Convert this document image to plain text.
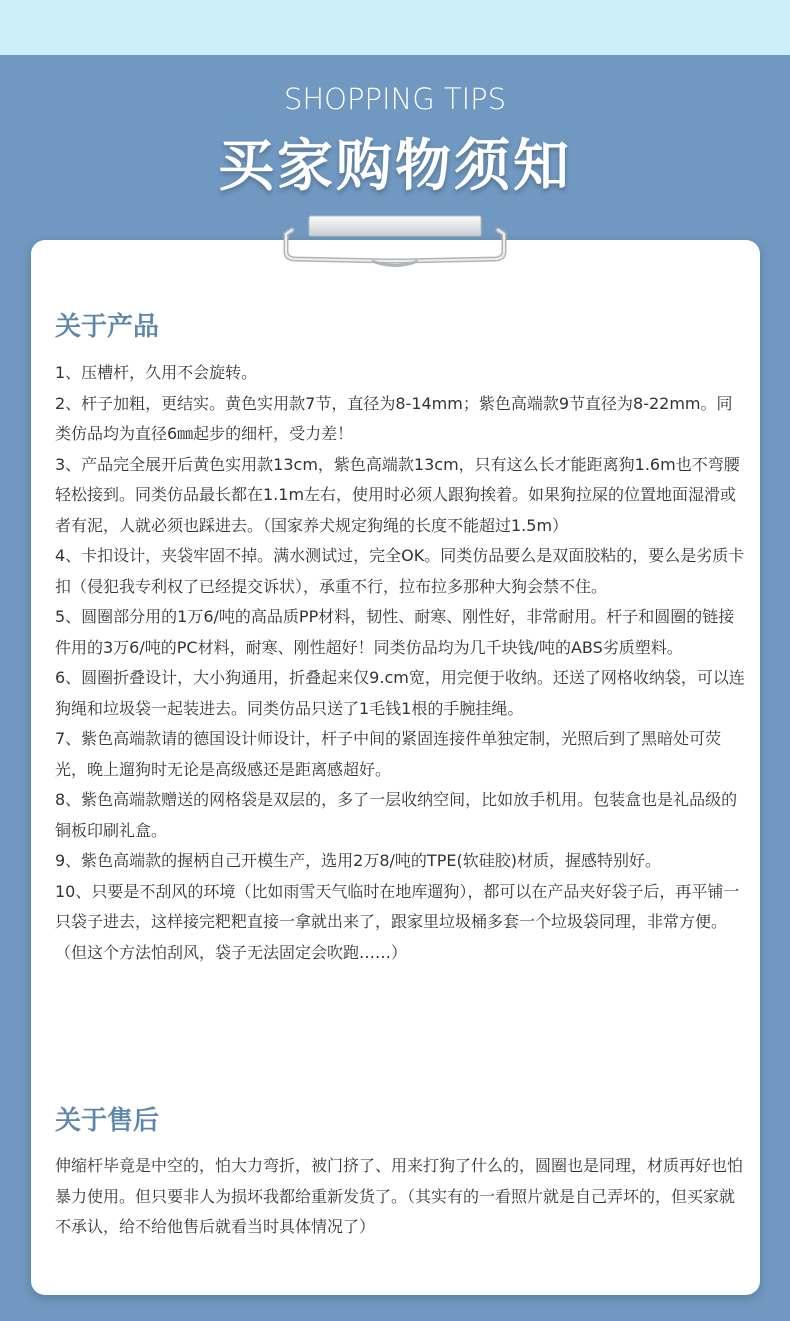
SHOPPING TIPS
买家购物须知
关于产品

1、压槽杆，久用不会旋转。

2、杆子加粗，更结实。黄色实用款7节，直径为8-14mm；紫色高端款9节直径为8-22mm。同类仿品均为直径6㎜起步的细杆，受力差！

3、产品完全展开后黄色实用款13cm，紫色高端款13cm，只有这么长才能距离狗1.6m也不弯腰轻松接到。同类仿品最长都在1.1m左右，使用时必须人跟狗挨着。如果狗拉屎的位置地面湿滑或者有泥，人就必须也踩进去。（国家养犬规定狗绳的长度不能超过1.5m）

4、卡扣设计，夹袋牢固不掉。满水测试过，完全OK。同类仿品要么是双面胶粘的，要么是劣质卡扣（侵犯我专利权了已经提交诉状），承重不行，拉布拉多那种大狗会禁不住。

5、圆圈部分用的1万6/吨的高品质PP材料，韧性、耐寒、刚性好，非常耐用。杆子和圆圈的链接件用的3万6/吨的PC材料，耐寒、刚性超好！同类仿品均为几千块钱/吨的ABS劣质塑料。

6、圆圈折叠设计，大小狗通用，折叠起来仅9.cm宽，用完便于收纳。还送了网格收纳袋，可以连狗绳和垃圾袋一起装进去。同类仿品只送了1毛钱1根的手腕挂绳。

7、紫色高端款请的德国设计师设计，杆子中间的紧固连接件单独定制，光照后到了黑暗处可荧光，晚上遛狗时无论是高级感还是距离感超好。

8、紫色高端款赠送的网格袋是双层的，多了一层收纳空间，比如放手机用。包装盒也是礼品级的铜板印刷礼盒。

9、紫色高端款的握柄自己开模生产，选用2万8/吨的TPE(软硅胶)材质，握感特别好。

10、只要是不刮风的环境（比如雨雪天气临时在地库遛狗），都可以在产品夹好袋子后，再平铺一只袋子进去，这样接完粑粑直接一拿就出来了，跟家里垃圾桶多套一个垃圾袋同理，非常方便。（但这个方法怕刮风，袋子无法固定会吹跑……）

关于售后

伸缩杆毕竟是中空的，怕大力弯折，被门挤了、用来打狗了什么的，圆圈也是同理，材质再好也怕暴力使用。但只要非人为损坏我都给重新发货了。（其实有的一看照片就是自己弄坏的，但买家就不承认，给不给他售后就看当时具体情况了）
